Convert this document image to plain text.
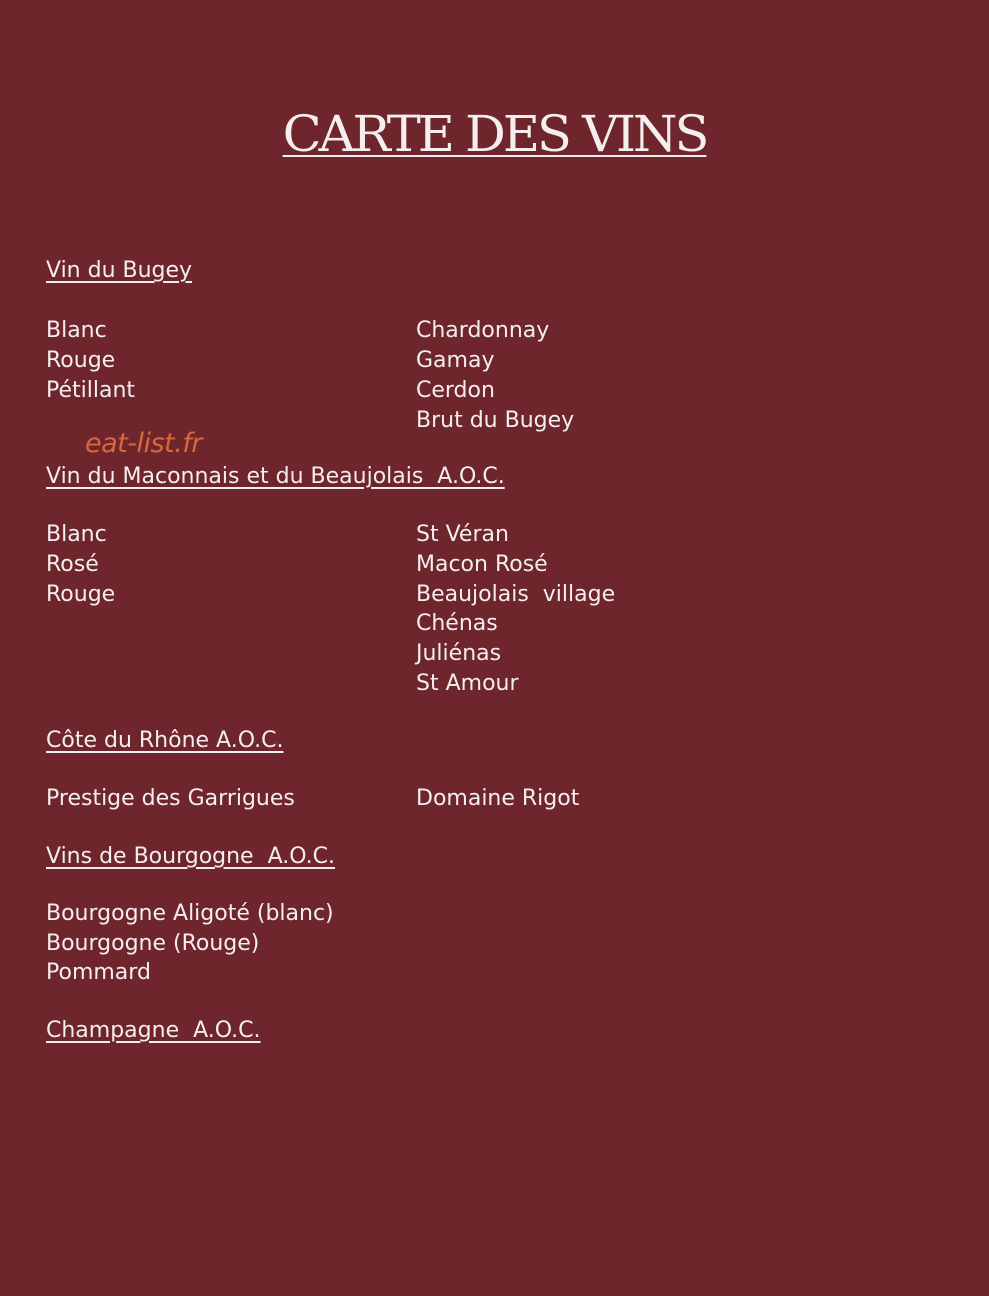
CARTE DES VINS
eat-list.fr
Vin du Bugey
Blanc
Rouge
Pétillant
Chardonnay
Gamay
Cerdon
Brut du Bugey
Vin du Maconnais et du Beaujolais  A.O.C.
Blanc
Rosé
Rouge
St Véran
Macon Rosé
Beaujolais  village
Chénas
Juliénas
St Amour
Côte du Rhône A.O.C.
Prestige des Garrigues	Domaine Rigot
Vins de Bourgogne  A.O.C.
Bourgogne Aligoté (blanc)
Bourgogne (Rouge)
Pommard
Champagne  A.O.C.
